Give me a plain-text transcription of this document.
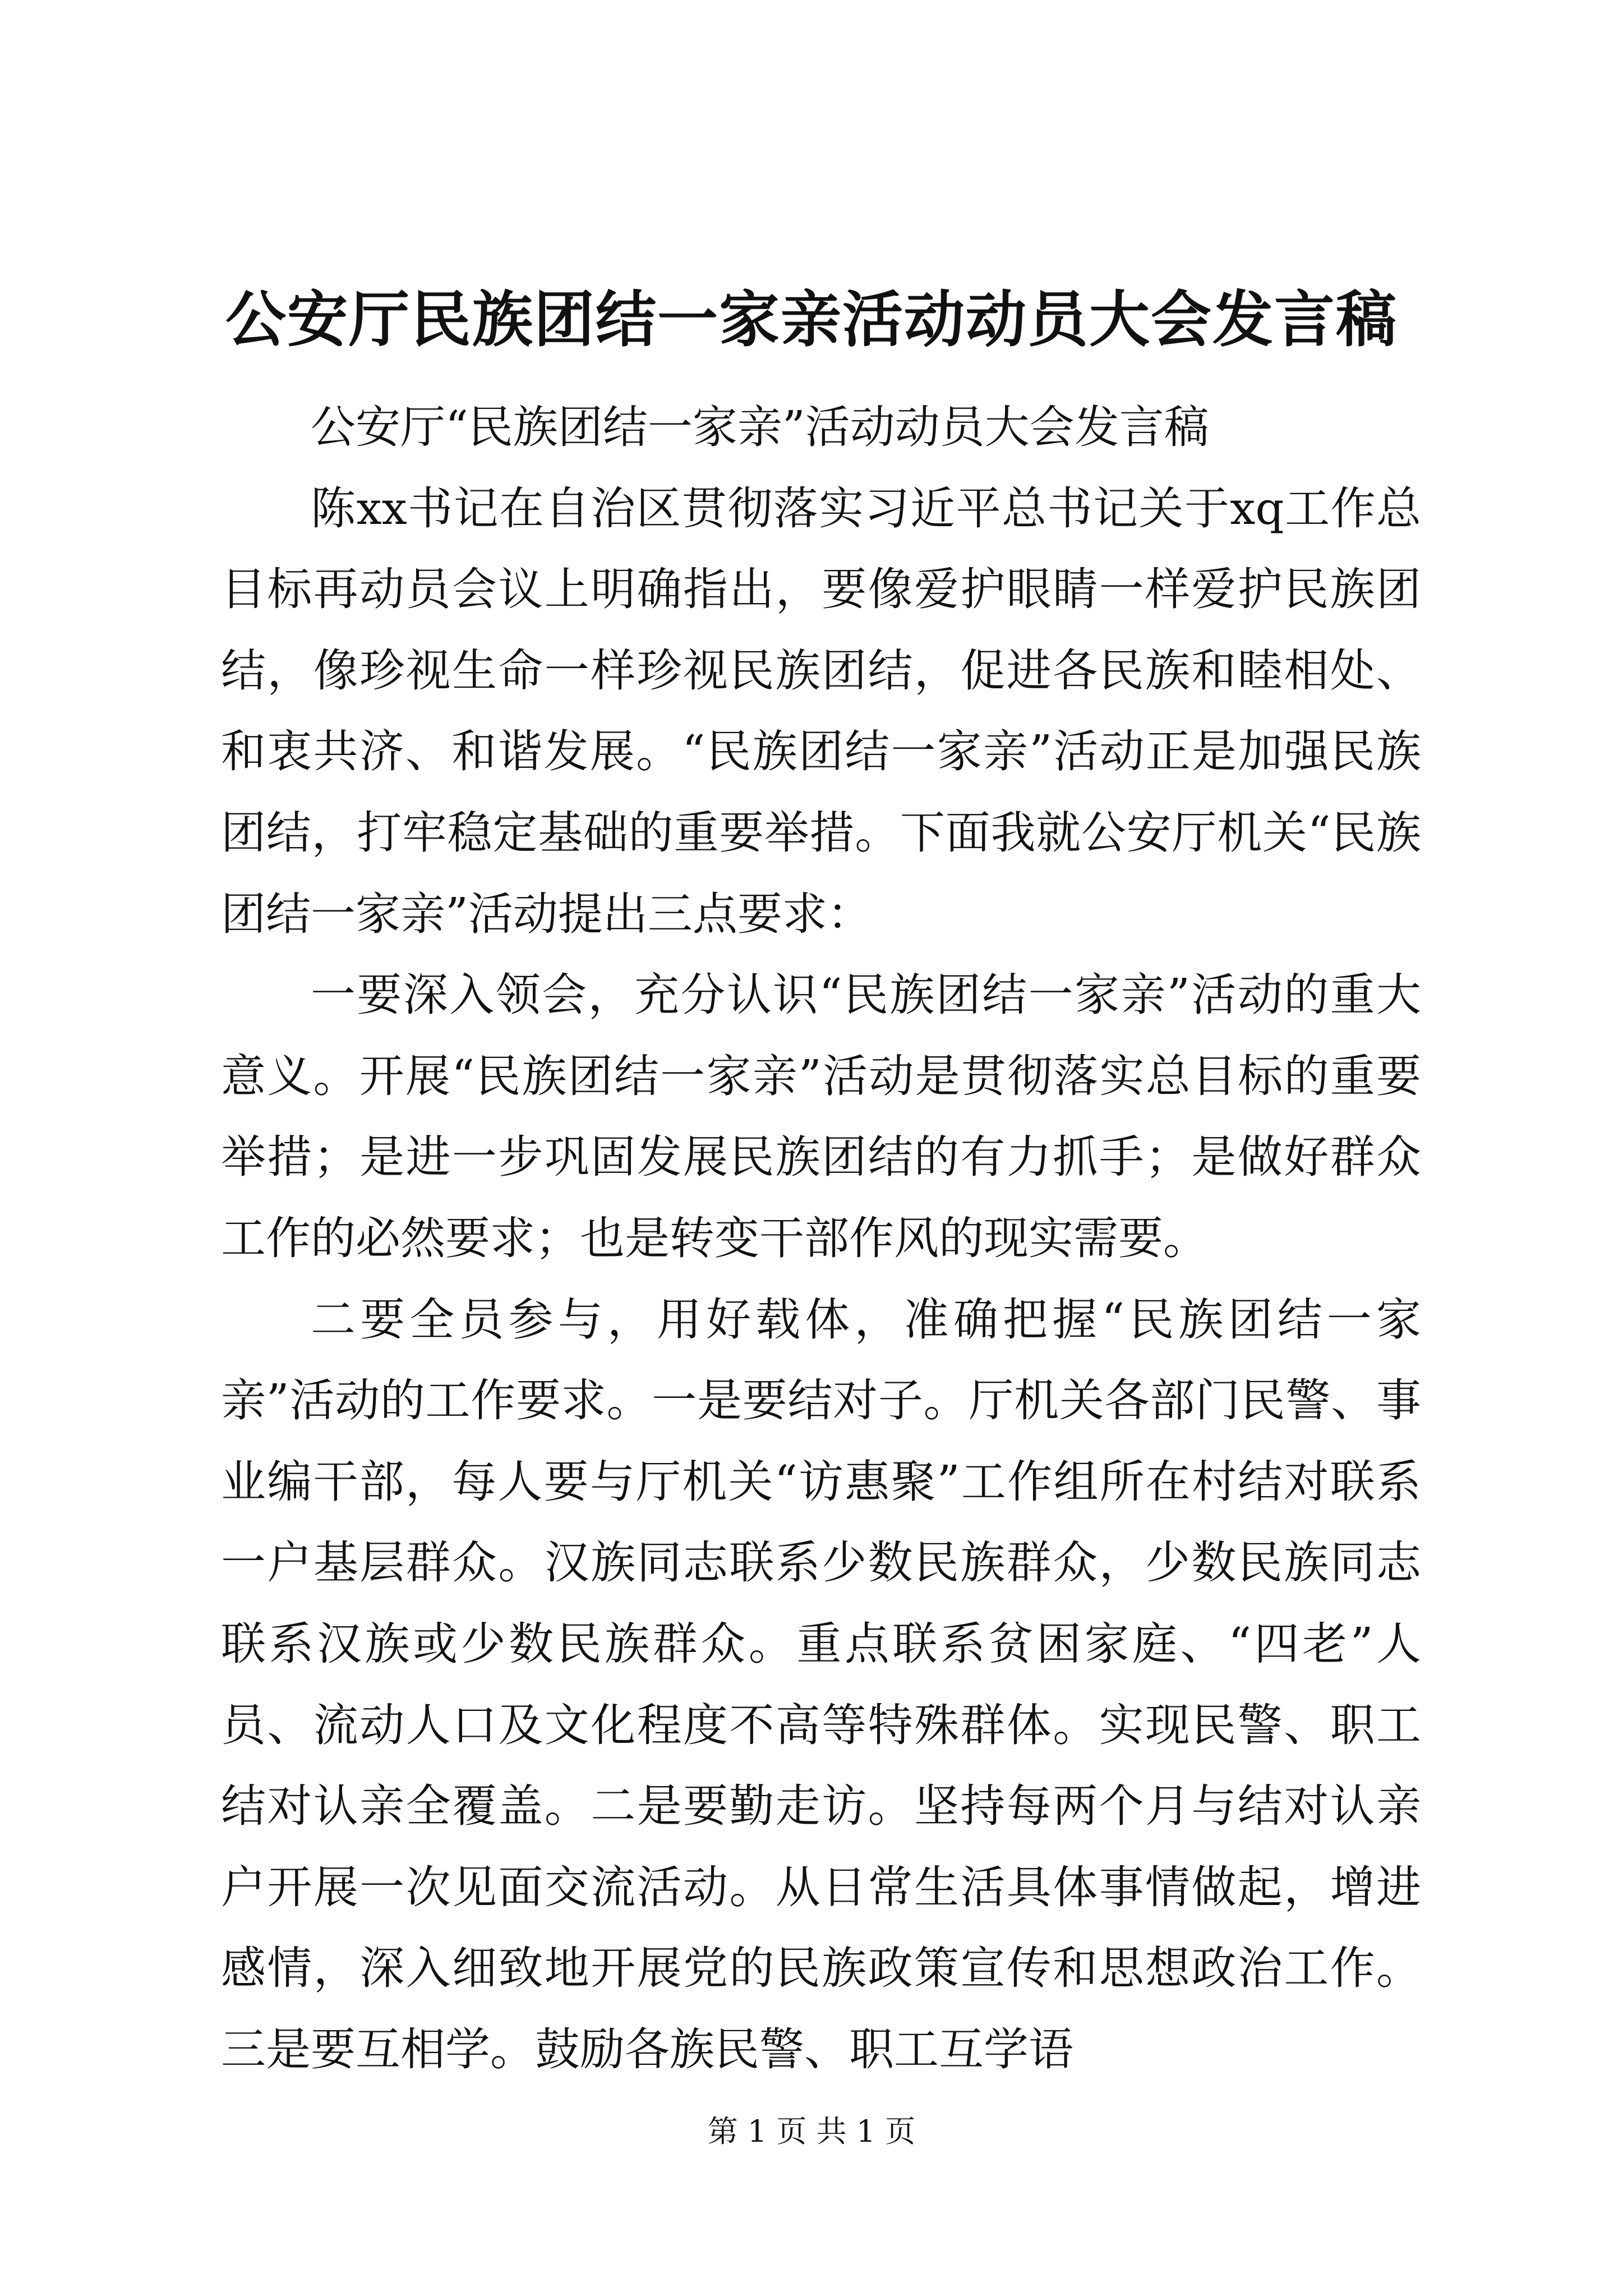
公安厅民族团结一家亲活动动员大会发言稿

公安厅“民族团结一家亲”活动动员大会发言稿

陈xx书记在自治区贯彻落实习近平总书记关于xq工作总目标再动员会议上明确指出，要像爱护眼睛一样爱护民族团结，像珍视生命一样珍视民族团结，促进各民族和睦相处、和衷共济、和谐发展。“民族团结一家亲”活动正是加强民族团结，打牢稳定基础的重要举措。下面我就公安厅机关“民族团结一家亲”活动提出三点要求：

一要深入领会，充分认识“民族团结一家亲”活动的重大意义。开展“民族团结一家亲”活动是贯彻落实总目标的重要举措；是进一步巩固发展民族团结的有力抓手；是做好群众工作的必然要求；也是转变干部作风的现实需要。

二要全员参与，用好载体，准确把握“民族团结一家亲”活动的工作要求。一是要结对子。厅机关各部门民警、事业编干部，每人要与厅机关“访惠聚”工作组所在村结对联系一户基层群众。汉族同志联系少数民族群众，少数民族同志联系汉族或少数民族群众。重点联系贫困家庭、“四老”人员、流动人口及文化程度不高等特殊群体。实现民警、职工结对认亲全覆盖。二是要勤走访。坚持每两个月与结对认亲户开展一次见面交流活动。从日常生活具体事情做起，增进感情，深入细致地开展党的民族政策宣传和思想政治工作。三是要互相学。鼓励各族民警、职工互学语

第 1 页 共 1 页
